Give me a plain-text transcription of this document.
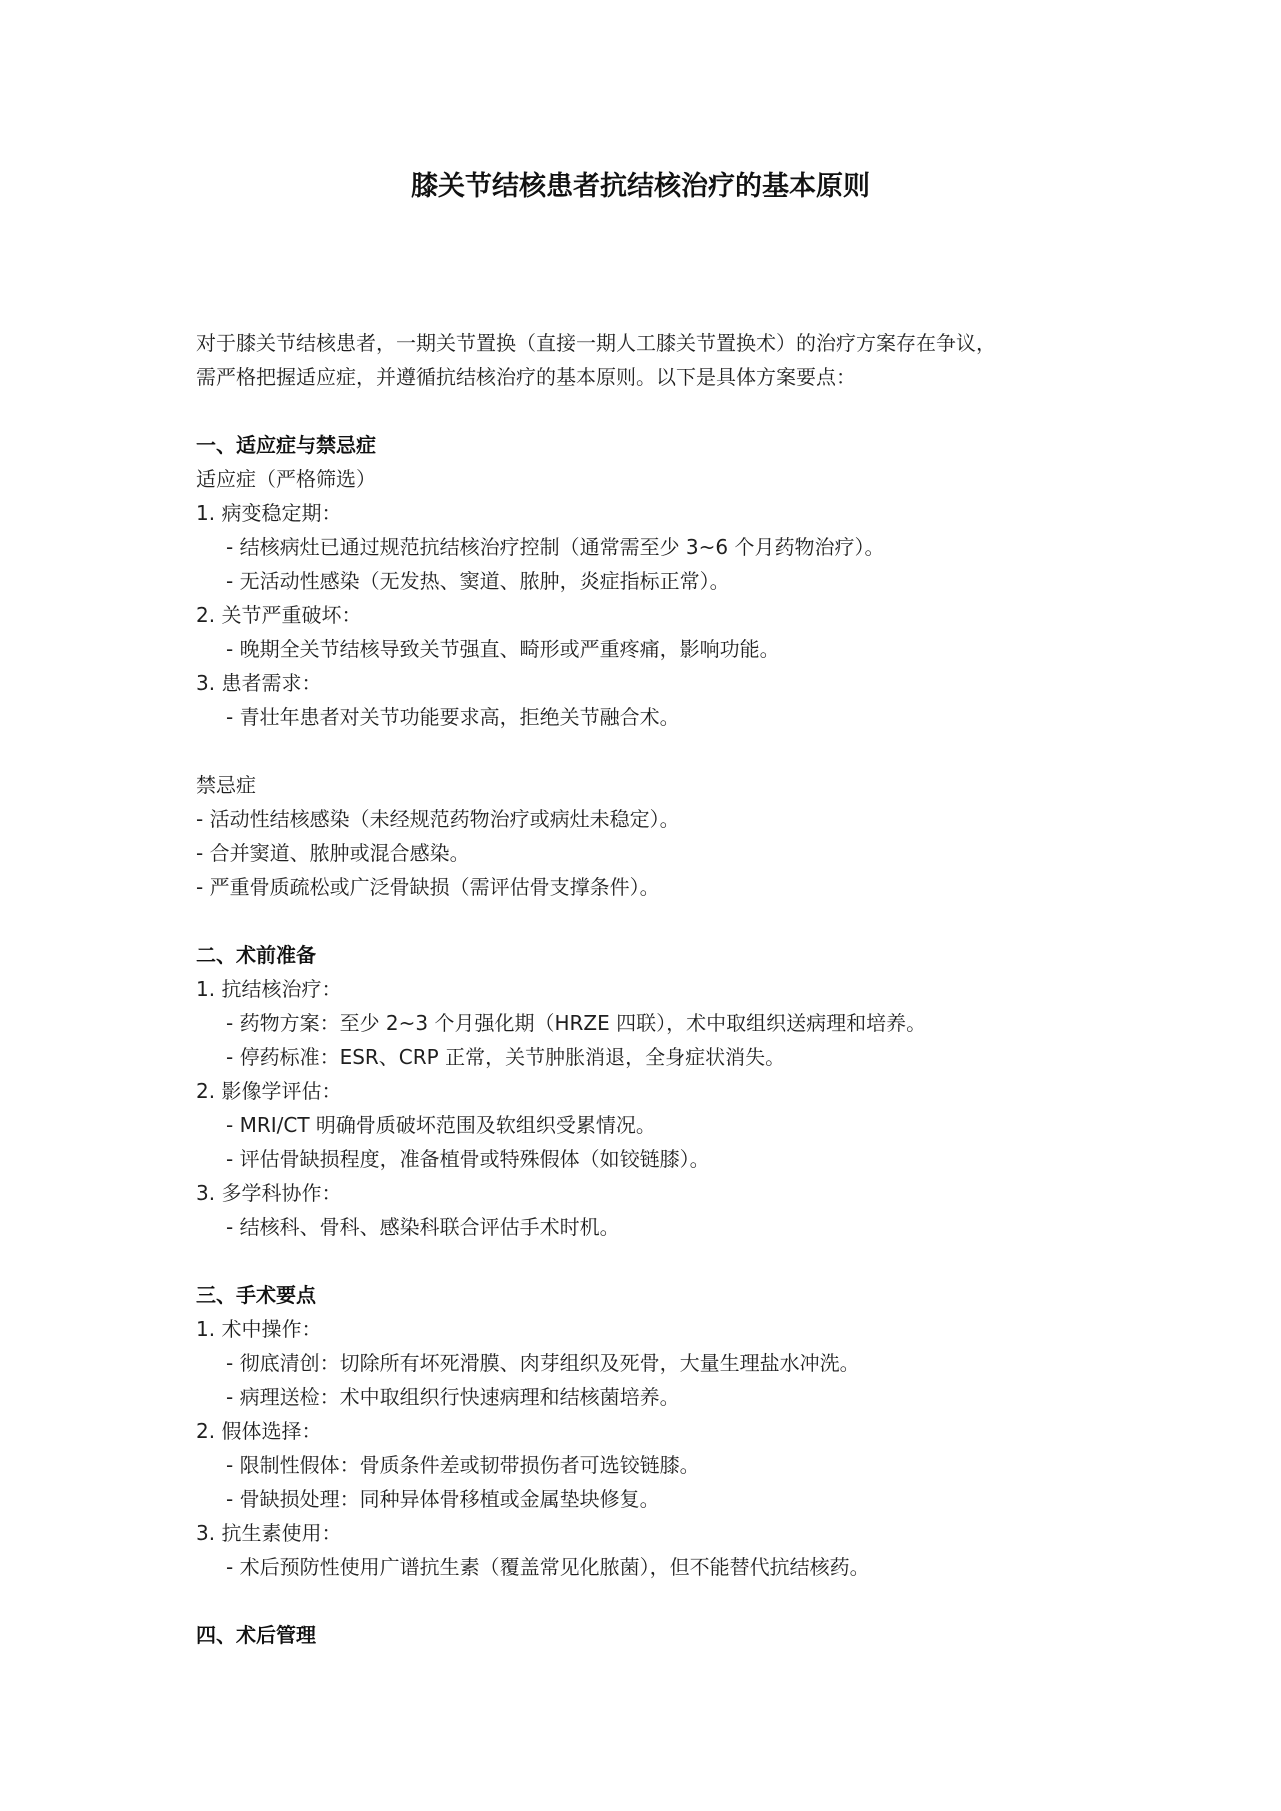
膝关节结核患者抗结核治疗的基本原则
对于膝关节结核患者，一期关节置换（直接一期人工膝关节置换术）的治疗方案存在争议，
需严格把握适应症，并遵循抗结核治疗的基本原则。以下是具体方案要点：
一、适应症与禁忌症
适应症（严格筛选）
1. 病变稳定期：
- 结核病灶已通过规范抗结核治疗控制（通常需至少 3~6 个月药物治疗）。
- 无活动性感染（无发热、窦道、脓肿，炎症指标正常）。
2. 关节严重破坏：
- 晚期全关节结核导致关节强直、畸形或严重疼痛，影响功能。
3. 患者需求：
- 青壮年患者对关节功能要求高，拒绝关节融合术。
禁忌症
- 活动性结核感染（未经规范药物治疗或病灶未稳定）。
- 合并窦道、脓肿或混合感染。
- 严重骨质疏松或广泛骨缺损（需评估骨支撑条件）。
二、术前准备
1. 抗结核治疗：
- 药物方案：至少 2~3 个月强化期（HRZE 四联），术中取组织送病理和培养。
- 停药标准：ESR、CRP 正常，关节肿胀消退，全身症状消失。
2. 影像学评估：
- MRI/CT 明确骨质破坏范围及软组织受累情况。
- 评估骨缺损程度，准备植骨或特殊假体（如铰链膝）。
3. 多学科协作：
- 结核科、骨科、感染科联合评估手术时机。
三、手术要点
1. 术中操作：
- 彻底清创：切除所有坏死滑膜、肉芽组织及死骨，大量生理盐水冲洗。
- 病理送检：术中取组织行快速病理和结核菌培养。
2. 假体选择：
- 限制性假体：骨质条件差或韧带损伤者可选铰链膝。
- 骨缺损处理：同种异体骨移植或金属垫块修复。
3. 抗生素使用：
- 术后预防性使用广谱抗生素（覆盖常见化脓菌），但不能替代抗结核药。
四、术后管理
